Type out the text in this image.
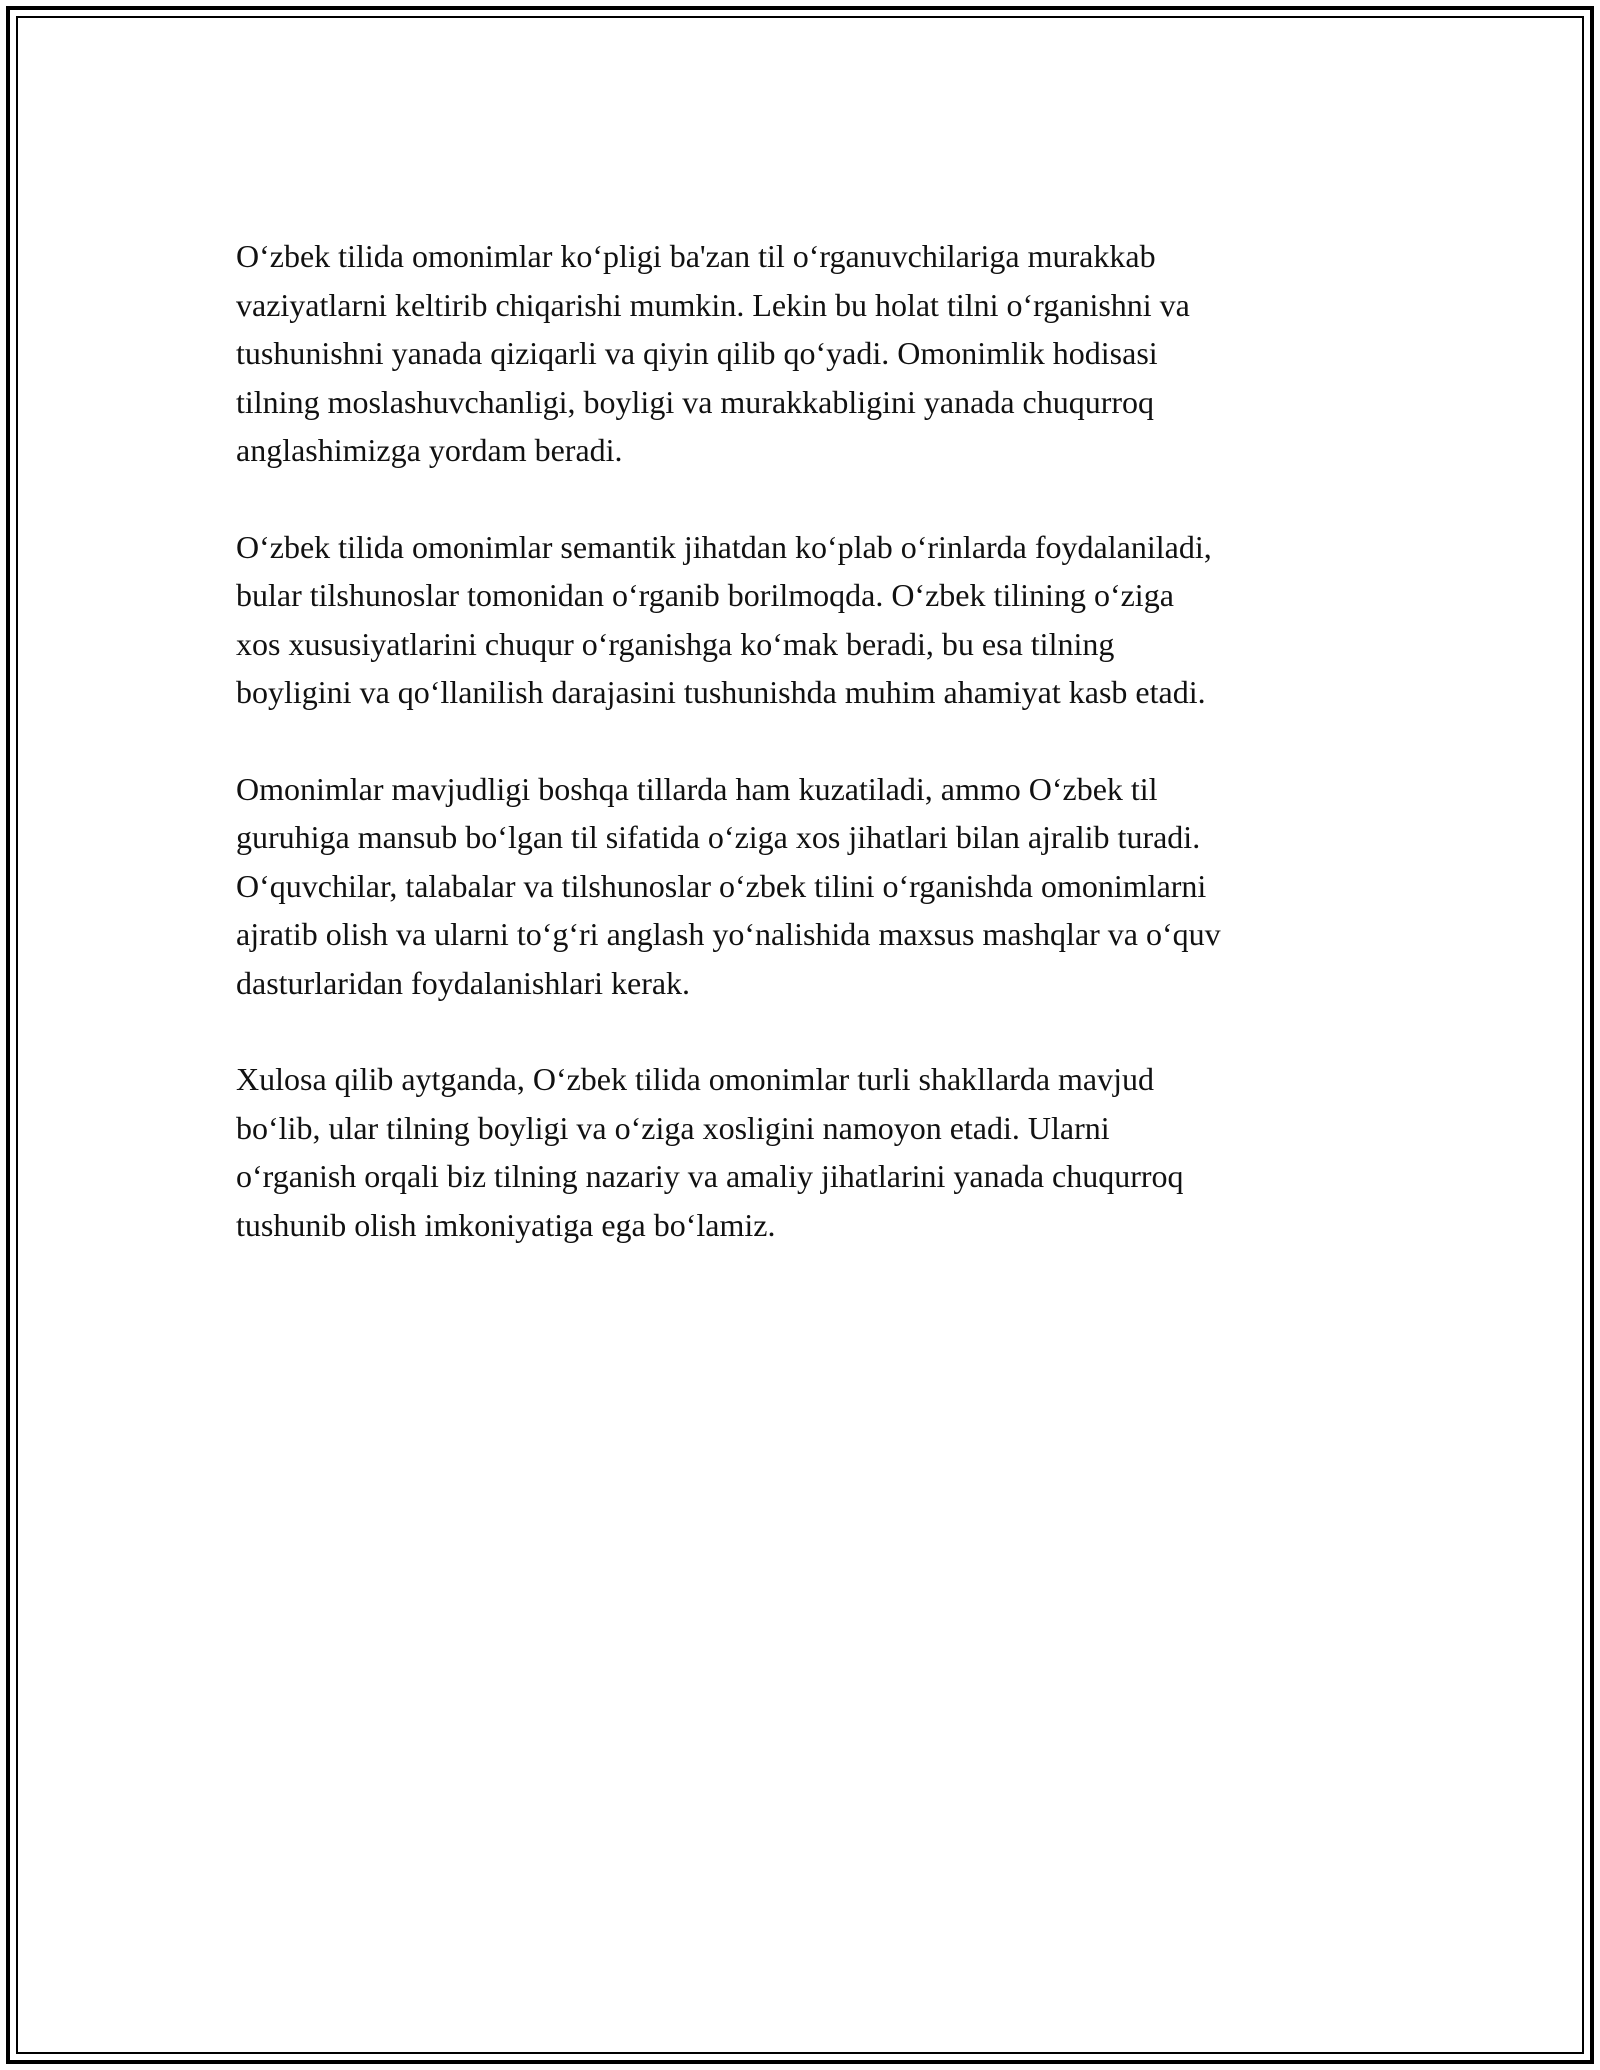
O‘zbek tilida omonimlar ko‘pligi ba'zan til o‘rganuvchilariga murakkab
vaziyatlarni keltirib chiqarishi mumkin. Lekin bu holat tilni o‘rganishni va
tushunishni yanada qiziqarli va qiyin qilib qo‘yadi. Omonimlik hodisasi
tilning moslashuvchanligi, boyligi va murakkabligini yanada chuqurroq
anglashimizga yordam beradi.

O‘zbek tilida omonimlar semantik jihatdan ko‘plab o‘rinlarda foydalaniladi,
bular tilshunoslar tomonidan o‘rganib borilmoqda. O‘zbek tilining o‘ziga
xos xususiyatlarini chuqur o‘rganishga ko‘mak beradi, bu esa tilning
boyligini va qo‘llanilish darajasini tushunishda muhim ahamiyat kasb etadi.

Omonimlar mavjudligi boshqa tillarda ham kuzatiladi, ammo O‘zbek til
guruhiga mansub bo‘lgan til sifatida o‘ziga xos jihatlari bilan ajralib turadi.
O‘quvchilar, talabalar va tilshunoslar o‘zbek tilini o‘rganishda omonimlarni
ajratib olish va ularni to‘g‘ri anglash yo‘nalishida maxsus mashqlar va o‘quv
dasturlaridan foydalanishlari kerak.

Xulosa qilib aytganda, O‘zbek tilida omonimlar turli shakllarda mavjud
bo‘lib, ular tilning boyligi va o‘ziga xosligini namoyon etadi. Ularni
o‘rganish orqali biz tilning nazariy va amaliy jihatlarini yanada chuqurroq
tushunib olish imkoniyatiga ega bo‘lamiz.
